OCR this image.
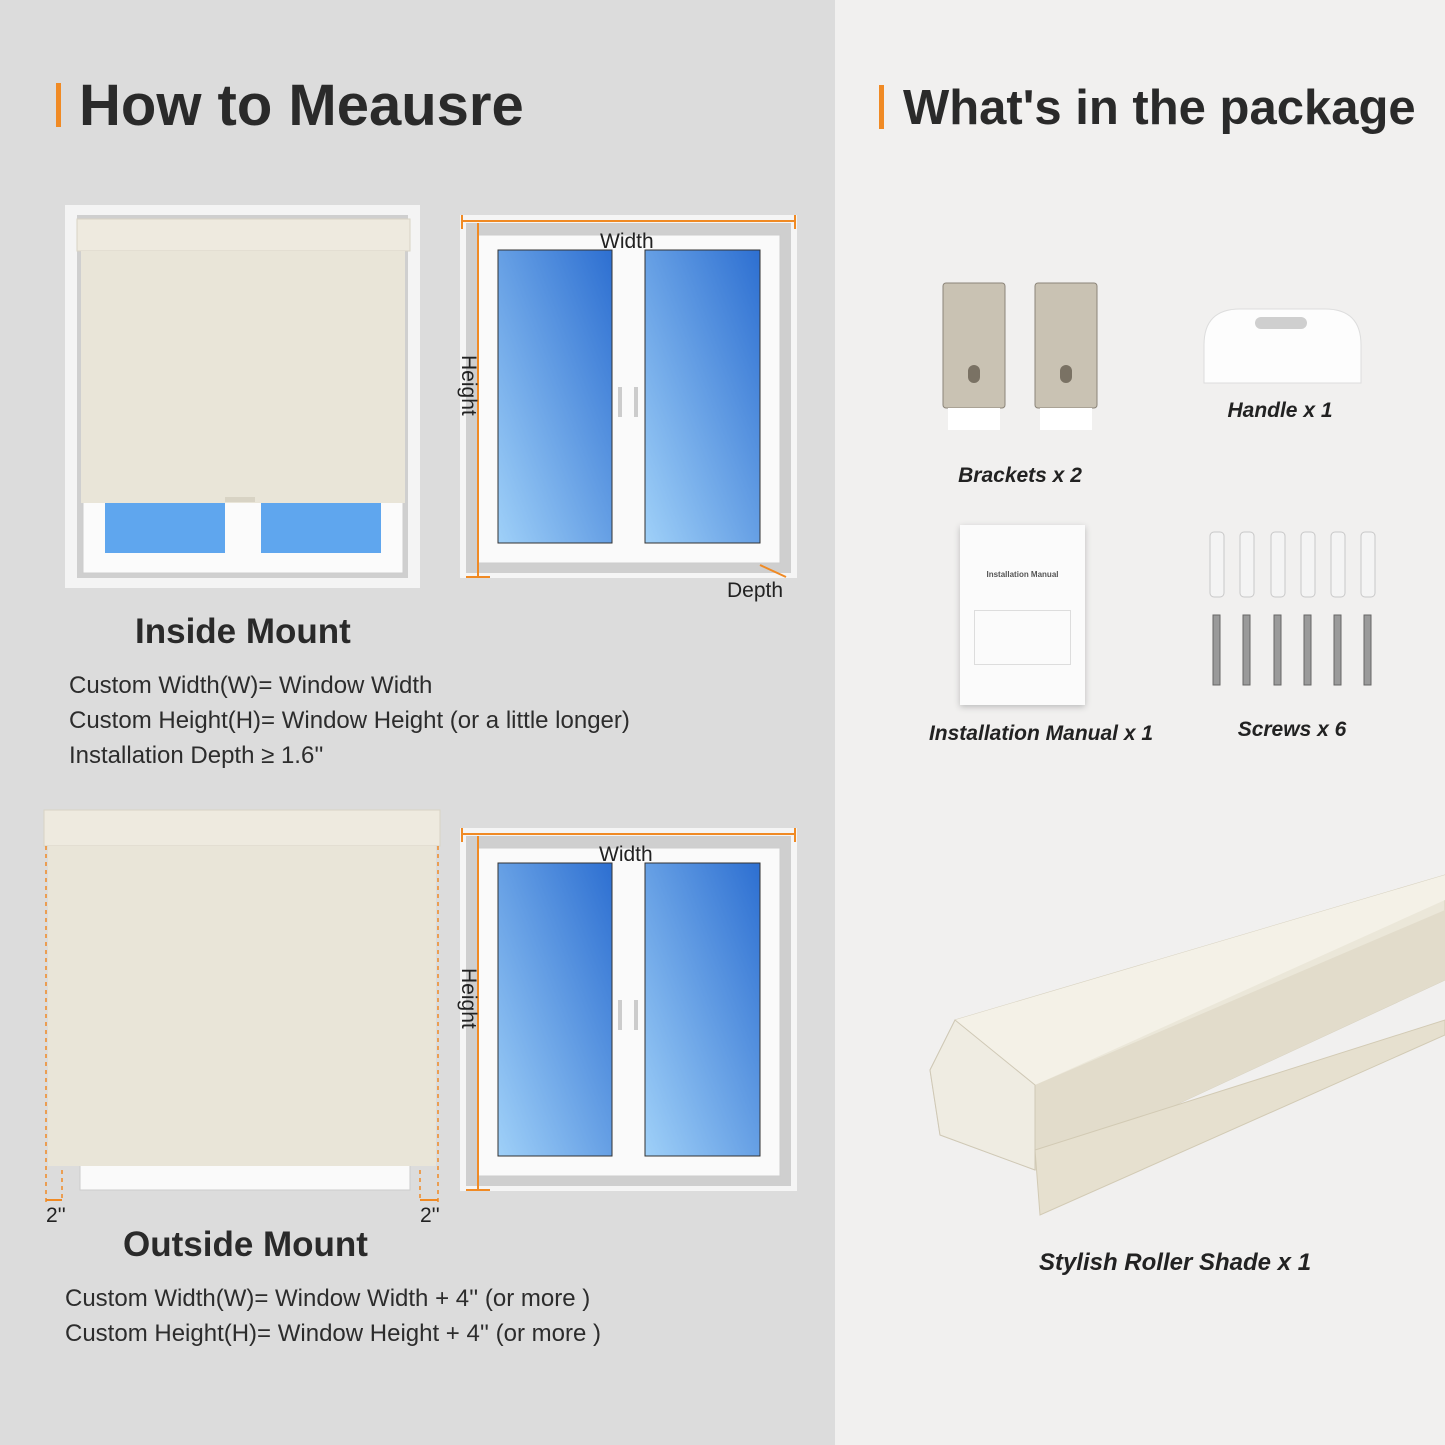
How to Meausre
Width
Height
Depth
Inside Mount
Custom Width(W)= Window Width
Custom Height(H)= Window Height (or a little longer)
Installation Depth ≥ 1.6''
Width
Height
2''	2''
Outside Mount
Custom Width(W)= Window Width + 4'' (or more )
Custom Height(H)= Window Height + 4'' (or more )
What's in the package
Brackets x 2
Handle x 1
Installation Manual
Installation Manual x 1	Screws x 6
Stylish Roller Shade x 1
